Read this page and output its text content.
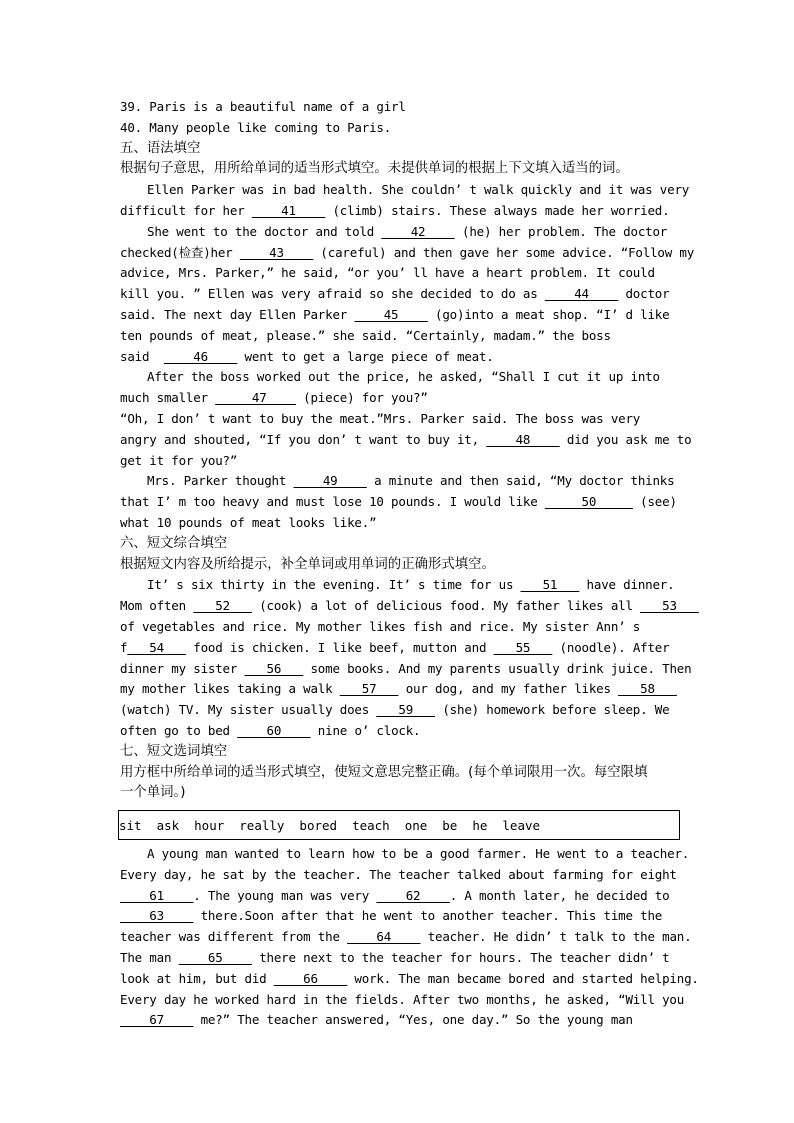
39. Paris is a beautiful name of a girl
40. Many people like coming to Paris.
五、语法填空
根据句子意思，用所给单词的适当形式填空。未提供单词的根据上下文填入适当的词。
Ellen Parker was in bad health. She couldn’ t walk quickly and it was very
difficult for her ____41____ (climb) stairs. These always made her worried.
She went to the doctor and told ____42____ (he) her problem. The doctor
checked(检查)her ____43____ (careful) and then gave her some advice. “Follow my
advice, Mrs. Parker,” he said, “or you’ ll have a heart problem. It could
kill you. ” Ellen was very afraid so she decided to do as ____44____ doctor
said. The next day Ellen Parker ____45____ (go)into a meat shop. “I’ d like
ten pounds of meat, please.” she said. “Certainly, madam.” the boss
said  ____46____ went to get a large piece of meat.
After the boss worked out the price, he asked, “Shall I cut it up into
much smaller _____47____ (piece) for you?”
“Oh, I don’ t want to buy the meat.”Mrs. Parker said. The boss was very
angry and shouted, “If you don’ t want to buy it, ____48____ did you ask me to
get it for you?”
Mrs. Parker thought ____49____ a minute and then said, “My doctor thinks
that I’ m too heavy and must lose 10 pounds. I would like _____50_____ (see)
what 10 pounds of meat looks like.”
六、短文综合填空
根据短文内容及所给提示，补全单词或用单词的正确形式填空。
It’ s six thirty in the evening. It’ s time for us ___51___ have dinner.
Mom often ___52___ (cook) a lot of delicious food. My father likes all ___53___
of vegetables and rice. My mother likes fish and rice. My sister Ann’ s
f___54___ food is chicken. I like beef, mutton and ___55___ (noodle). After
dinner my sister ___56___ some books. And my parents usually drink juice. Then
my mother likes taking a walk ___57___ our dog, and my father likes ___58___
(watch) TV. My sister usually does ___59___ (she) homework before sleep. We
often go to bed ____60____ nine o’ clock.
七、短文选词填空
用方框中所给单词的适当形式填空，使短文意思完整正确。(每个单词限用一次。每空限填
一个单词。)
sit ask hour really bored teach one be he leave
A young man wanted to learn how to be a good farmer. He went to a teacher.
Every day, he sat by the teacher. The teacher talked about farming for eight
____61____. The young man was very ____62____. A month later, he decided to
____63____ there.Soon after that he went to another teacher. This time the
teacher was different from the ____64____ teacher. He didn’ t talk to the man.
The man ____65____ there next to the teacher for hours. The teacher didn’ t
look at him, but did ____66____ work. The man became bored and started helping.
Every day he worked hard in the fields. After two months, he asked, “Will you
____67____ me?” The teacher answered, “Yes, one day.” So the young man
